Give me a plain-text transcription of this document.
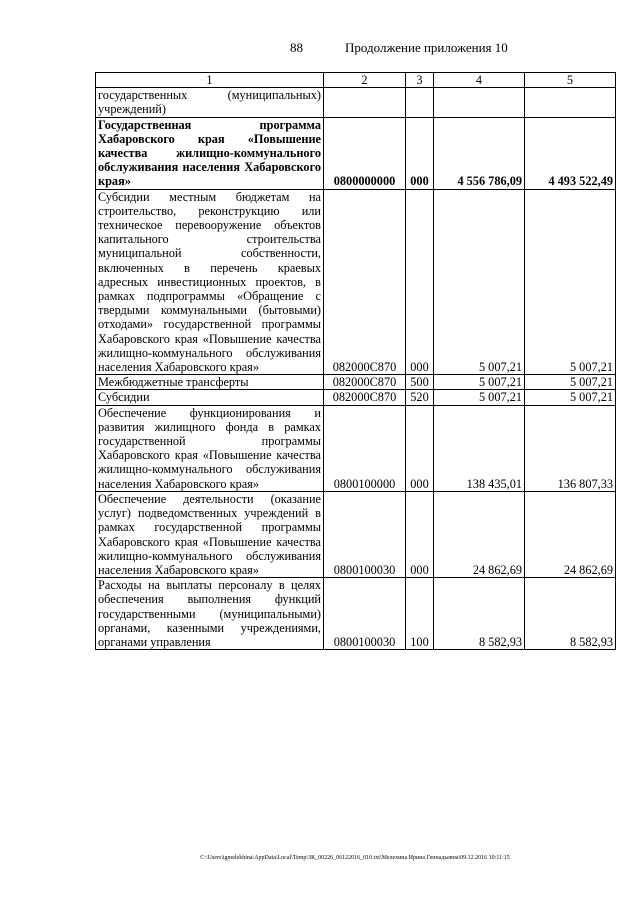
88	Продолжение приложения 10
1	2	3	4	5
государственных (муниципальных) учреждений)				
Государственная программа Хабаровского края «Повышение качества жилищно-коммунального обслуживания населения Хабаровского края»	0800000000	000	4 556 786,09	4 493 522,49
Субсидии местным бюджетам на строительство, реконструкцию или техническое перевооружение объектов капитального строительства муниципальной собственности, включенных в перечень краевых адресных инвестиционных проектов, в рамках подпрограммы «Обращение с твердыми коммунальными (бытовыми) отходами» государственной программы Хабаровского края «Повышение качества жилищно-коммунального обслуживания населения Хабаровского края»	082000С870	000	5 007,21	5 007,21
Межбюджетные трансферты	082000С870	500	5 007,21	5 007,21
Субсидии	082000С870	520	5 007,21	5 007,21
Обеспечение функционирования и развития жилищного фонда в рамках государственной программы Хабаровского края «Повышение качества жилищно-коммунального обслуживания населения Хабаровского края»	0800100000	000	138 435,01	136 807,33
Обеспечение деятельности (оказание услуг) подведомственных учреждений в рамках государственной программы Хабаровского края «Повышение качества жилищно-коммунального обслуживания населения Хабаровского края»	0800100030	000	24 862,69	24 862,69
Расходы на выплаты персоналу в целях обеспечения выполнения функций государственными (муниципальными) органами, казенными учреждениями, органами управления	0800100030	100	8 582,93	8 582,93
C:\Users\igmelekhina\AppData\Local\Temp\ЗК_00226_06122016_010.txt\Мелехина Ирина Геннадьевна\09.12.2016 10:11:15
